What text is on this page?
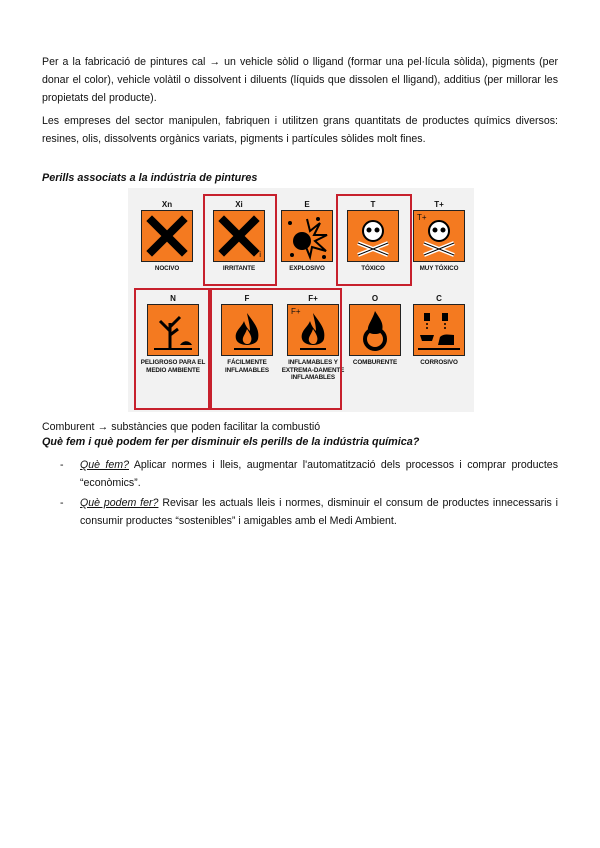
Per a la fabricació de pintures cal → un vehicle sòlid o lligand (formar una pel·lícula sòlida), pigments (per donar el color), vehicle volàtil o dissolvent i diluents (líquids que dissolen el lligand), additius (per millorar les propietats del producte).
Les empreses del sector manipulen, fabriquen i utilitzen grans quantitats de productes químics diversos: resines, olis, dissolvents orgànics variats, pigments i partícules sòlides molt fines.
Perills associats a la indústria de pintures
Xn
NOCIVO
Xi
i
IRRITANTE
E
EXPLOSIVO
T
TÓXICO
T+
T+
MUY TÓXICO
N
PELIGROSO PARA EL MEDIO AMBIENTE
F
FÁCILMENTE INFLAMABLES
F+
F+
INFLAMABLES Y EXTREMA-DAMENTE INFLAMABLES
O
COMBURENTE
C
CORROSIVO
Comburent → substàncies que poden facilitar la combustió
Què fem i què podem fer per disminuir els perills de la indústria química?
- Què fem? Aplicar normes i lleis, augmentar l'automatització dels processos i comprar productes “econòmics”.
- Què podem fer? Revisar les actuals lleis i normes, disminuir el consum de productes innecessaris i consumir productes “sostenibles” i amigables amb el Medi Ambient.
